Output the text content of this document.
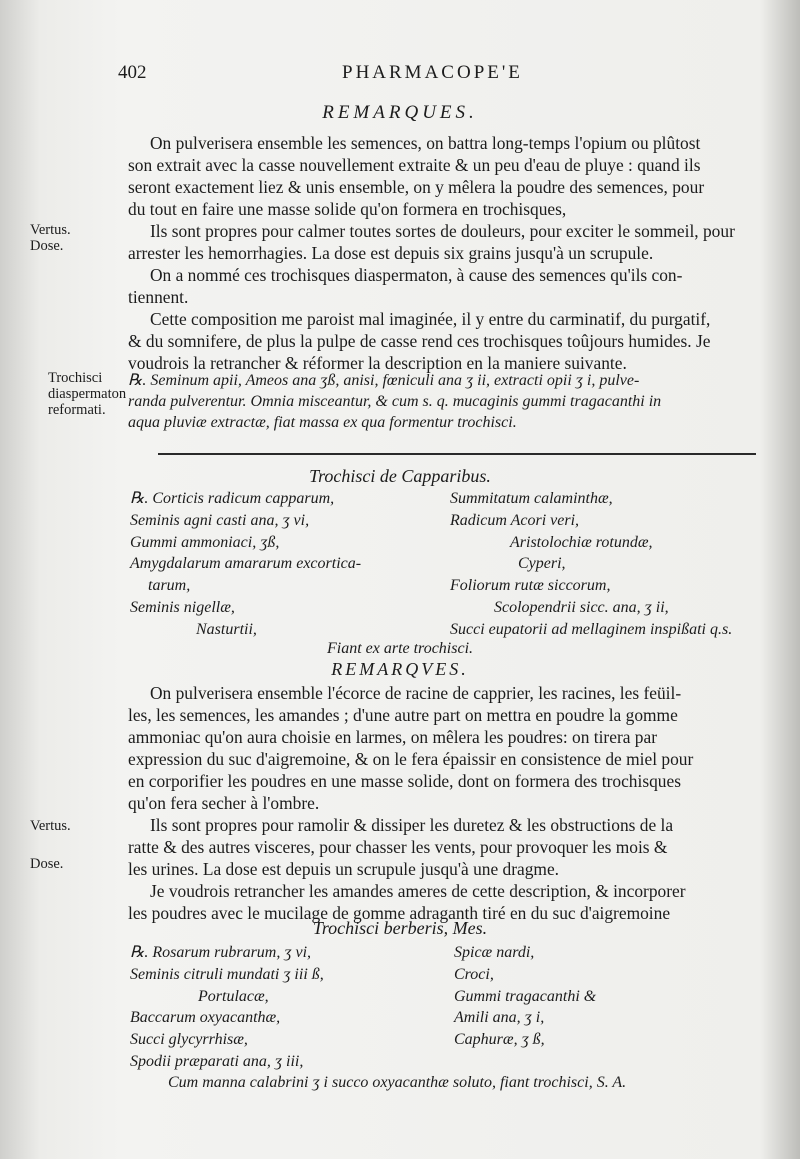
402	PHARMACOPE'E
REMARQUES.
On pulverisera ensemble les semences, on battra long-temps l'opium ou plûtost
son extrait avec la casse nouvellement extraite & un peu d'eau de pluye : quand ils
seront exactement liez & unis ensemble, on y mêlera la poudre des semences, pour
du tout en faire une masse solide qu'on formera en trochisques,
Ils sont propres pour calmer toutes sortes de douleurs, pour exciter le sommeil, pour
arrester les hemorrhagies. La dose est depuis six grains jusqu'à un scrupule.
On a nommé ces trochisques diaspermaton, à cause des semences qu'ils con-
tiennent.
Cette composition me paroist mal imaginée, il y entre du carminatif, du purgatif,
& du somnifere, de plus la pulpe de casse rend ces trochisques toûjours humides. Je
voudrois la retrancher & réformer la description en la maniere suivante.
Vertus.
Dose.
Trochisci
diaspermaton
reformati.
℞. Seminum apii, Ameos ana ʒß, anisi, fœniculi ana ʒ ii, extracti opii ʒ i, pulve-
randa pulverentur. Omnia misceantur, & cum s. q. mucaginis gummi tragacanthi in
aqua pluviæ extractæ, fiat massa ex qua formentur trochisci.
Trochisci de Capparibus.
℞. Corticis radicum capparum,
Seminis agni casti ana, ʒ vi,
Gummi ammoniaci, ʒß,
Amygdalarum amararum excortica-
tarum,
Seminis nigellæ,
Nasturtii,
Summitatum calaminthæ,
Radicum Acori veri,
Aristolochiæ rotundæ,
Cyperi,
Foliorum rutæ siccorum,
Scolopendrii sicc. ana, ʒ ii,
Succi eupatorii ad mellaginem inspißati q.s.
Fiant ex arte trochisci.
REMARQVES.
On pulverisera ensemble l'écorce de racine de capprier, les racines, les feüil-
les, les semences, les amandes ; d'une autre part on mettra en poudre la gomme
ammoniac qu'on aura choisie en larmes, on mêlera les poudres: on tirera par
expression du suc d'aigremoine, & on le fera épaissir en consistence de miel pour
en corporifier les poudres en une masse solide, dont on formera des trochisques
qu'on fera secher à l'ombre.
Ils sont propres pour ramolir & dissiper les duretez & les obstructions de la
ratte & des autres visceres, pour chasser les vents, pour provoquer les mois &
les urines. La dose est depuis un scrupule jusqu'à une dragme.
Je voudrois retrancher les amandes ameres de cette description, & incorporer
les poudres avec le mucilage de gomme adraganth tiré en du suc d'aigremoine
Vertus.
Dose.
Trochisci berberis, Mes.
℞. Rosarum rubrarum, ʒ vi,
Seminis citruli mundati ʒ iii ß,
Portulacæ,
Baccarum oxyacanthæ,
Succi glycyrrhisæ,
Spodii præparati ana, ʒ iii,
Spicæ nardi,
Croci,
Gummi tragacanthi &
Amili ana, ʒ i,
Caphuræ, ʒ ß,
Cum manna calabrini ʒ i succo oxyacanthæ soluto, fiant trochisci, S. A.
